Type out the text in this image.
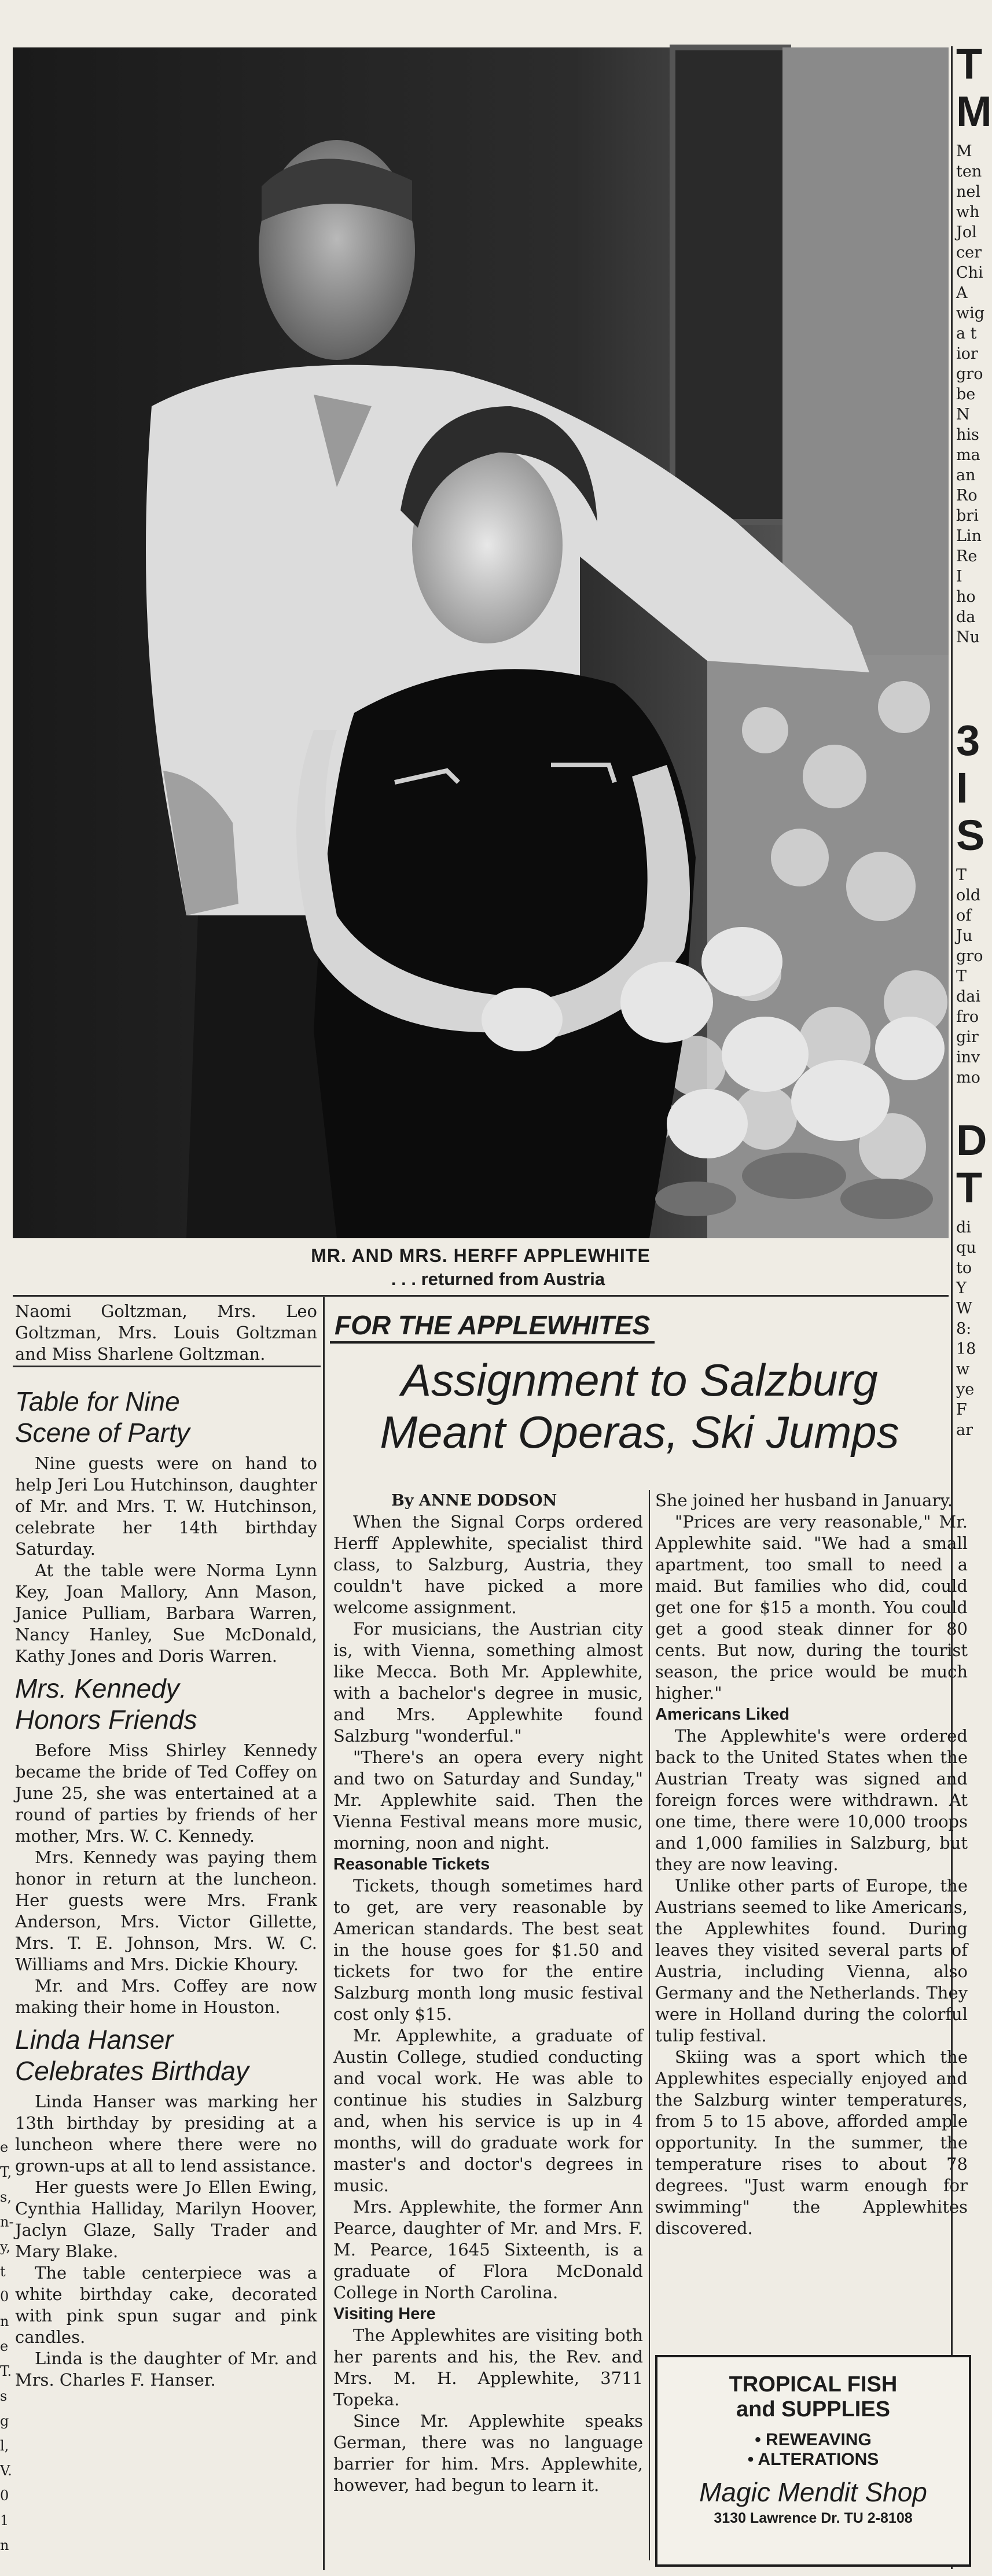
MR. AND MRS. HERFF APPLEWHITE
. . . returned from Austria
e
T,
s,
n-
y,
t
0
n
e
T.
s
g
l,
V.
0
1
n

Naomi Goltzman, Mrs. Leo Goltzman, Mrs. Louis Goltzman and Miss Sharlene Goltzman.

Table for Nine
Scene of Party

Nine guests were on hand to help Jeri Lou Hutchinson, daughter of Mr. and Mrs. T. W. Hutchinson, celebrate her 14th birthday Saturday.

At the table were Norma Lynn Key, Joan Mallory, Ann Mason, Janice Pulliam, Barbara Warren, Nancy Hanley, Sue McDonald, Kathy Jones and Doris Warren.

Mrs. Kennedy
Honors Friends

Before Miss Shirley Kennedy became the bride of Ted Coffey on June 25, she was entertained at a round of parties by friends of her mother, Mrs. W. C. Kennedy.

Mrs. Kennedy was paying them honor in return at the luncheon. Her guests were Mrs. Frank Anderson, Mrs. Victor Gillette, Mrs. T. E. Johnson, Mrs. W. C. Williams and Mrs. Dickie Khoury.

Mr. and Mrs. Coffey are now making their home in Houston.

Linda Hanser
Celebrates Birthday

Linda Hanser was marking her 13th birthday by presiding at a luncheon where there were no grown-ups at all to lend assistance.

Her guests were Jo Ellen Ewing, Cynthia Halliday, Marilyn Hoover, Jaclyn Glaze, Sally Trader and Mary Blake.

The table centerpiece was a white birthday cake, decorated with pink spun sugar and pink candles.

Linda is the daughter of Mr. and Mrs. Charles F. Hanser.

FOR THE APPLEWHITES
Assignment to Salzburg
Meant Operas, Ski Jumps
By ANNE DODSON

When the Signal Corps ordered Herff Applewhite, specialist third class, to Salzburg, Austria, they couldn't have picked a more welcome assignment.

For musicians, the Austrian city is, with Vienna, something almost like Mecca. Both Mr. Applewhite, with a bachelor's degree in music, and Mrs. Applewhite found Salzburg "wonderful."

"There's an opera every night and two on Saturday and Sunday," Mr. Applewhite said. Then the Vienna Festival means more music, morning, noon and night.

Reasonable Tickets

Tickets, though sometimes hard to get, are very reasonable by American standards. The best seat in the house goes for $1.50 and tickets for two for the entire Salzburg month long music festival cost only $15.

Mr. Applewhite, a graduate of Austin College, studied conducting and vocal work. He was able to continue his studies in Salzburg and, when his service is up in 4 months, will do graduate work for master's and doctor's degrees in music.

Mrs. Applewhite, the former Ann Pearce, daughter of Mr. and Mrs. F. M. Pearce, 1645 Sixteenth, is a graduate of Flora McDonald College in North Carolina.

Visiting Here

The Applewhites are visiting both her parents and his, the Rev. and Mrs. M. H. Applewhite, 3711 Topeka.

Since Mr. Applewhite speaks German, there was no language barrier for him. Mrs. Applewhite, however, had begun to learn it.

She joined her husband in January.

"Prices are very reasonable," Mr. Applewhite said. "We had a small apartment, too small to need a maid. But families who did, could get one for $15 a month. You could get a good steak dinner for 80 cents. But now, during the tourist season, the price would be much higher."

Americans Liked

The Applewhite's were ordered back to the United States when the Austrian Treaty was signed and foreign forces were withdrawn. At one time, there were 10,000 troops and 1,000 families in Salzburg, but they are now leaving.

Unlike other parts of Europe, the Austrians seemed to like Americans, the Applewhites found. During leaves they visited several parts of Austria, including Vienna, also Germany and the Netherlands. They were in Holland during the colorful tulip festival.

Skiing was a sport which the Applewhites especially enjoyed and the Salzburg winter temperatures, from 5 to 15 above, afforded ample opportunity. In the summer, the temperature rises to about 78 degrees. "Just warm enough for swimming" the Applewhites discovered.

TROPICAL FISH
and SUPPLIES
• REWEAVING
• ALTERATIONS
Magic Mendit Shop
3130 Lawrence Dr. TU 2-8108
T
M
M
ten
nel
wh
Jol
cer
Chi
A
wig
a t
ior
gro
be
N
his
ma
an
Ro
bri
Lin
Re
I
ho
da
Nu
3
I
S
T
old
of
Ju
gro
T
dai
fro
gir
inv
mo
D
T
di
qu
to
Y
W
8:
18
w
ye
F
ar
